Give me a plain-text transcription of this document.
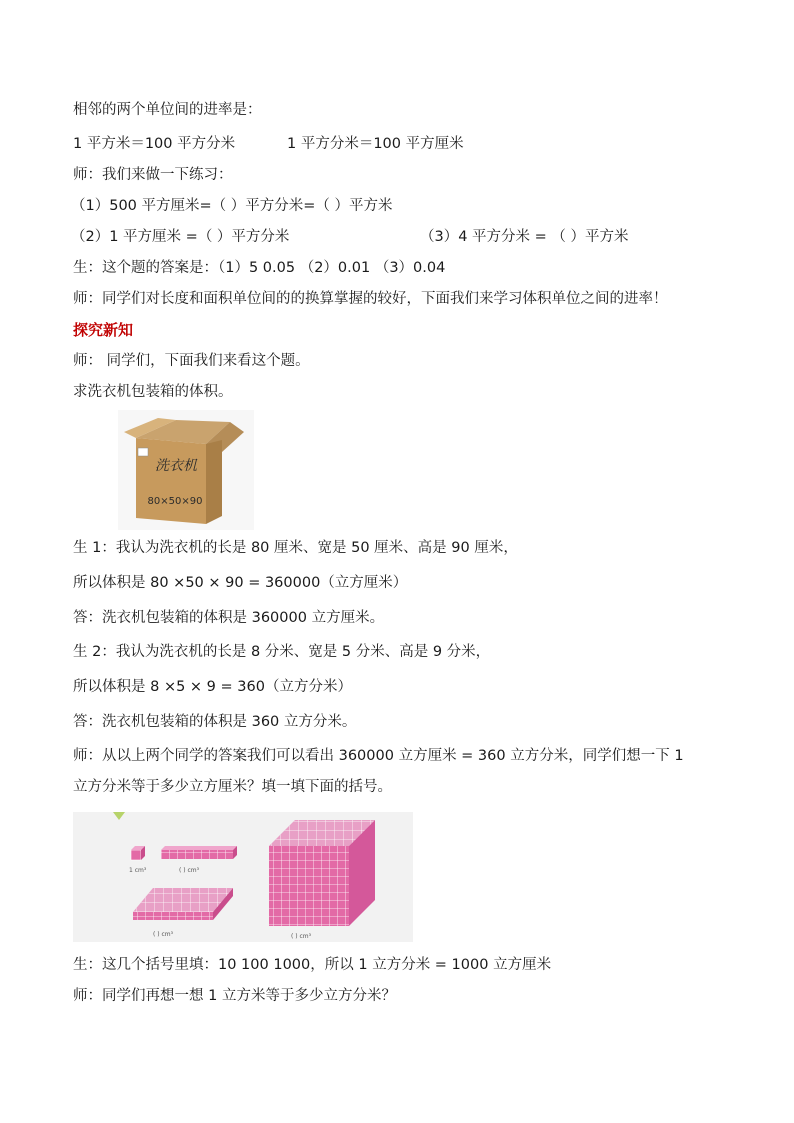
相邻的两个单位间的进率是：
1 平方米＝100 平方分米	1 平方分米＝100 平方厘米
师：我们来做一下练习：
（1）500 平方厘米=（ ）平方分米=（ ）平方米
（2）1 平方厘米 =（ ）平方分米	（3）4 平方分米 = （ ）平方米
生：这个题的答案是：（1）5 0.05 （2）0.01 （3）0.04
师：同学们对长度和面积单位间的的换算掌握的较好，下面我们来学习体积单位之间的进率！
探究新知
师： 同学们，下面我们来看这个题。
求洗衣机包装箱的体积。
洗衣机
80×50×90
生 1：我认为洗衣机的长是 80 厘米、宽是 50 厘米、高是 90 厘米，
所以体积是 80 ×50 × 90 = 360000（立方厘米）
答：洗衣机包装箱的体积是 360000 立方厘米。
生 2：我认为洗衣机的长是 8 分米、宽是 5 分米、高是 9 分米，
所以体积是 8 ×5 × 9 = 360（立方分米）
答：洗衣机包装箱的体积是 360 立方分米。
师：从以上两个同学的答案我们可以看出 360000 立方厘米 = 360 立方分米，同学们想一下 1
立方分米等于多少立方厘米？填一填下面的括号。
1 cm³	( ) cm³
( ) cm³	( ) cm³
生：这几个括号里填：10 100 1000，所以 1 立方分米 = 1000 立方厘米
师：同学们再想一想 1 立方米等于多少立方分米？
